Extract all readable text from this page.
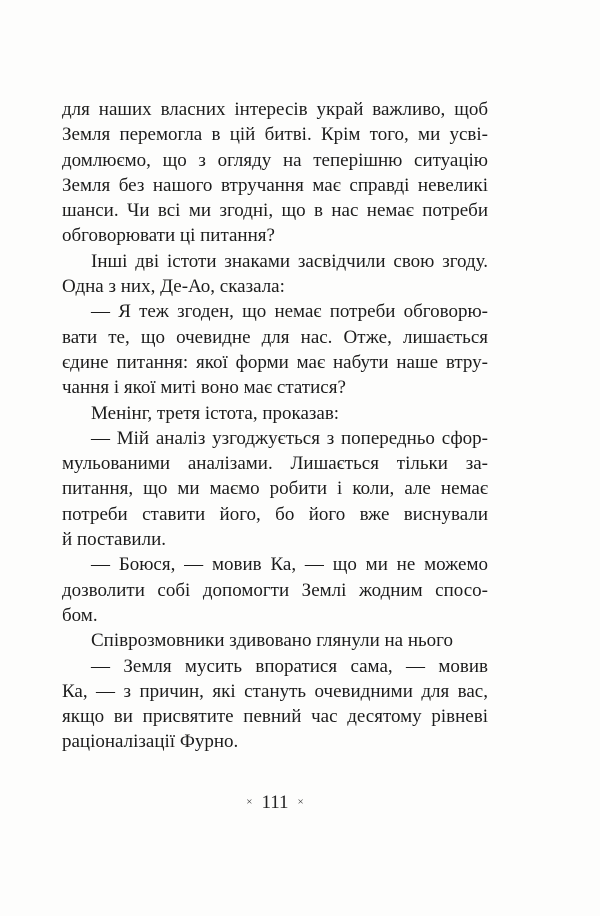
для наших власних інтересів украй важливо, щоб
Земля перемогла в цій битві. Крім того, ми усві-
домлюємо, що з огляду на теперішню ситуацію
Земля без нашого втручання має справді невеликі
шанси. Чи всі ми згодні, що в нас немає потреби
обговорювати ці питання?
Інші дві істоти знаками засвідчили свою згоду.
Одна з них, Де-Ао, сказала:
— Я теж згоден, що немає потреби обговорю-
вати те, що очевидне для нас. Отже, лишається
єдине питання: якої форми має набути наше втру-
чання і якої миті воно має статися?
Менінг, третя істота, проказав:
— Мій аналіз узгоджується з попередньо сфор-
мульованими аналізами. Лишається тільки за-
питання, що ми маємо робити і коли, але немає
потреби ставити його, бо його вже виснували
й поставили.
— Боюся, — мовив Ка, — що ми не можемо
дозволити собі допомогти Землі жодним спосо-
бом.
Співрозмовники здивовано глянули на нього
— Земля мусить впоратися сама, — мовив
Ка, — з причин, які стануть очевидними для вас,
якщо ви присвятите певний час десятому рівневі
раціоналізації Фурно.
× 111 ×
